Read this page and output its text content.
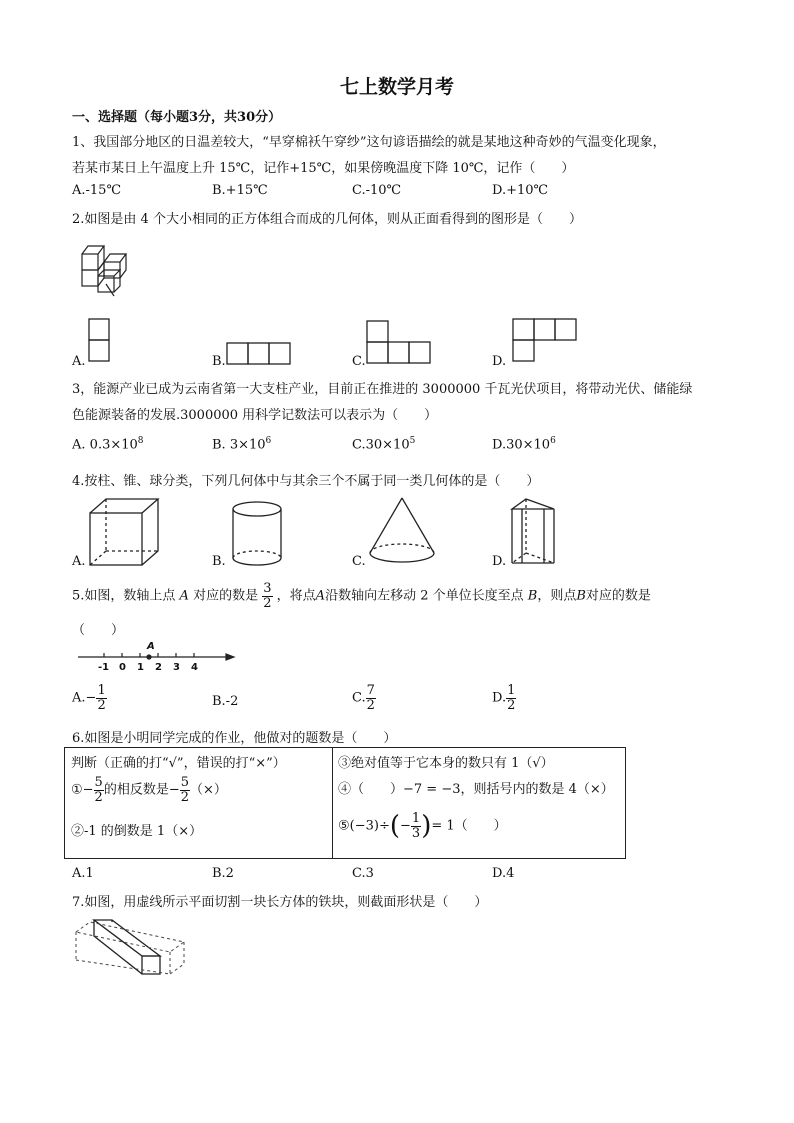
七上数学月考
一、选择题（每小题3分，共30分）
1、我国部分地区的日温差较大，“早穿棉袄午穿纱”这句谚语描绘的就是某地这种奇妙的气温变化现象，
若某市某日上午温度上升 15℃，记作+15℃，如果傍晚温度下降 10℃，记作（　　）
A.-15℃	B.+15℃	C.-10℃	D.+10℃
2.如图是由 4 个大小相同的正方体组合而成的几何体，则从正面看得到的图形是（　　）
A.	B.	C.	D.
3，能源产业已成为云南省第一大支柱产业，目前正在推进的 3000000 千瓦光伏项目，将带动光伏、储能绿
色能源装备的发展.3000000 用科学记数法可以表示为（　　）
A. $0.3\times 10^8$	B. $3\times 10^6$	$C.30\times 10^5$	$D.30\times 10^6$
4.按柱、锥、球分类，下列几何体中与其余三个不属于同一类几何体的是（　　）
A.	B.	C.	D.
5.如图，数轴上点 A 对应的数是 $\frac{3}{2}$ ，将点A沿数轴向左移动 2 个单位长度至点 B，则点B对应的数是
（　　）
A
-1 0 1 2 3 4
$A.- \frac{1}{2}$	B.-2	C. $\frac{7}{2}$	D. $\frac{1}{2}$
6.如图是小明同学完成的作业，他做对的题数是（　　）
判断（正确的打“√”，错误的打“×”）
①− $\frac{5}{2}$ 的相反数是− $\frac{5}{2}$ （×）
②-1 的倒数是 1（×）
③绝对值等于它本身的数只有 1（√）
④（　　）−7 = −3，则括号内的数是 4（×）
⑤(−3)÷(− $\frac{1}{3}$ )= 1（　　）
A.1	B.2	C.3	D.4
7.如图，用虚线所示平面切割一块长方体的铁块，则截面形状是（　　）
